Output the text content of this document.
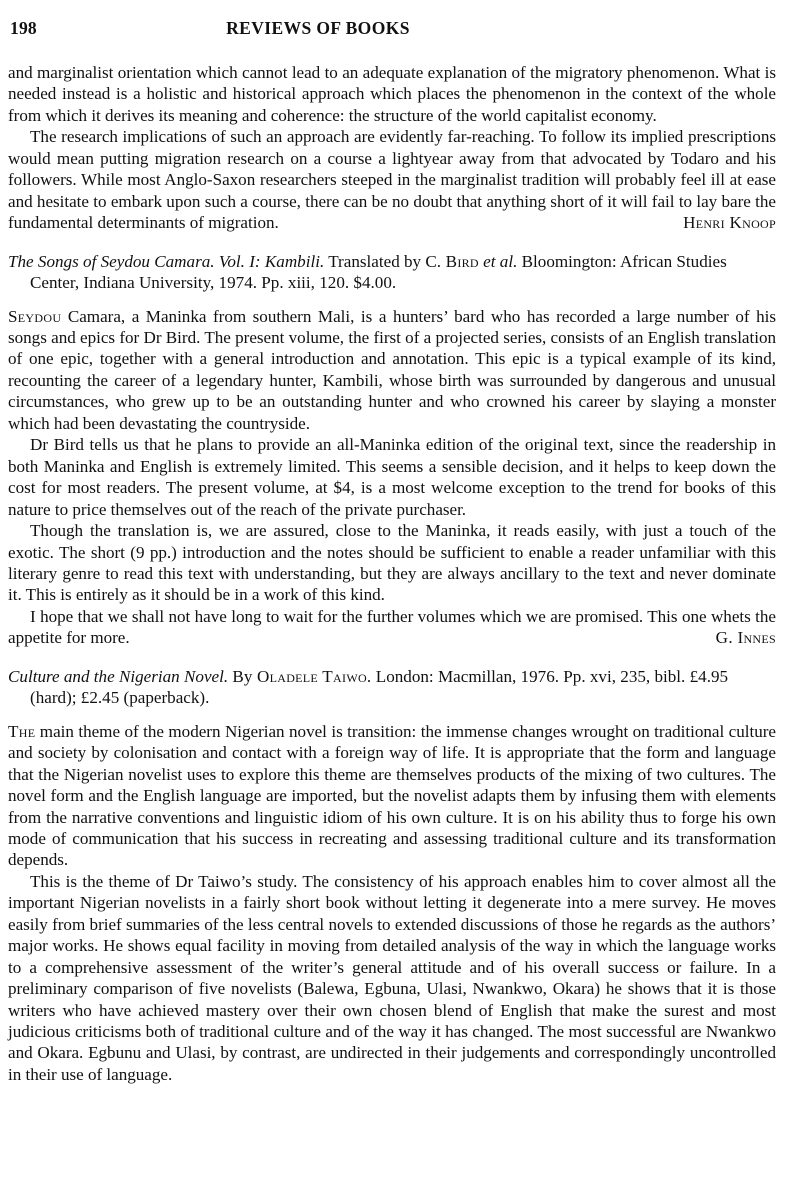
198	REVIEWS OF BOOKS

and marginalist orientation which cannot lead to an adequate explanation of the migratory phenomenon. What is needed instead is a holistic and historical approach which places the phenomenon in the context of the whole from which it derives its meaning and coherence: the structure of the world capitalist economy.

The research implications of such an approach are evidently far-reaching. To follow its implied prescriptions would mean putting migration research on a course a lightyear away from that advocated by Todaro and his followers. While most Anglo-Saxon researchers steeped in the marginalist tradition will probably feel ill at ease and hesitate to embark upon such a course, there can be no doubt that anything short of it will fail to lay bare the fundamental determinants of migration.	Henri Knoop

The Songs of Seydou Camara. Vol. I: Kambili. Translated by C. Bird et al. Bloomington: African Studies Center, Indiana University, 1974. Pp. xiii, 120. $4.00.

Seydou Camara, a Maninka from southern Mali, is a hunters’ bard who has recorded a large number of his songs and epics for Dr Bird. The present volume, the first of a projected series, consists of an English translation of one epic, together with a general introduction and annotation. This epic is a typical example of its kind, recounting the career of a legendary hunter, Kambili, whose birth was surrounded by dangerous and unusual circumstances, who grew up to be an outstanding hunter and who crowned his career by slaying a monster which had been devastating the countryside.

Dr Bird tells us that he plans to provide an all-Maninka edition of the original text, since the readership in both Maninka and English is extremely limited. This seems a sensible decision, and it helps to keep down the cost for most readers. The present volume, at $4, is a most welcome exception to the trend for books of this nature to price themselves out of the reach of the private purchaser.

Though the translation is, we are assured, close to the Maninka, it reads easily, with just a touch of the exotic. The short (9 pp.) introduction and the notes should be sufficient to enable a reader unfamiliar with this literary genre to read this text with understanding, but they are always ancillary to the text and never dominate it. This is entirely as it should be in a work of this kind.

I hope that we shall not have long to wait for the further volumes which we are promised. This one whets the appetite for more.	G. Innes

Culture and the Nigerian Novel. By Oladele Taiwo. London: Macmillan, 1976. Pp. xvi, 235, bibl. £4.95 (hard); £2.45 (paperback).

The main theme of the modern Nigerian novel is transition: the immense changes wrought on traditional culture and society by colonisation and contact with a foreign way of life. It is appropriate that the form and language that the Nigerian novelist uses to explore this theme are themselves products of the mixing of two cultures. The novel form and the English language are imported, but the novelist adapts them by infusing them with elements from the narrative conventions and linguistic idiom of his own culture. It is on his ability thus to forge his own mode of communication that his success in recreating and assessing traditional culture and its transformation depends.

This is the theme of Dr Taiwo’s study. The consistency of his approach enables him to cover almost all the important Nigerian novelists in a fairly short book without letting it degenerate into a mere survey. He moves easily from brief summaries of the less central novels to extended discussions of those he regards as the authors’ major works. He shows equal facility in moving from detailed analysis of the way in which the language works to a comprehensive assessment of the writer’s general attitude and of his overall success or failure. In a preliminary comparison of five novelists (Balewa, Egbuna, Ulasi, Nwankwo, Okara) he shows that it is those writers who have achieved mastery over their own chosen blend of English that make the surest and most judicious criticisms both of traditional culture and of the way it has changed. The most successful are Nwankwo and Okara. Egbunu and Ulasi, by contrast, are undirected in their judgements and correspondingly uncontrolled in their use of language.
